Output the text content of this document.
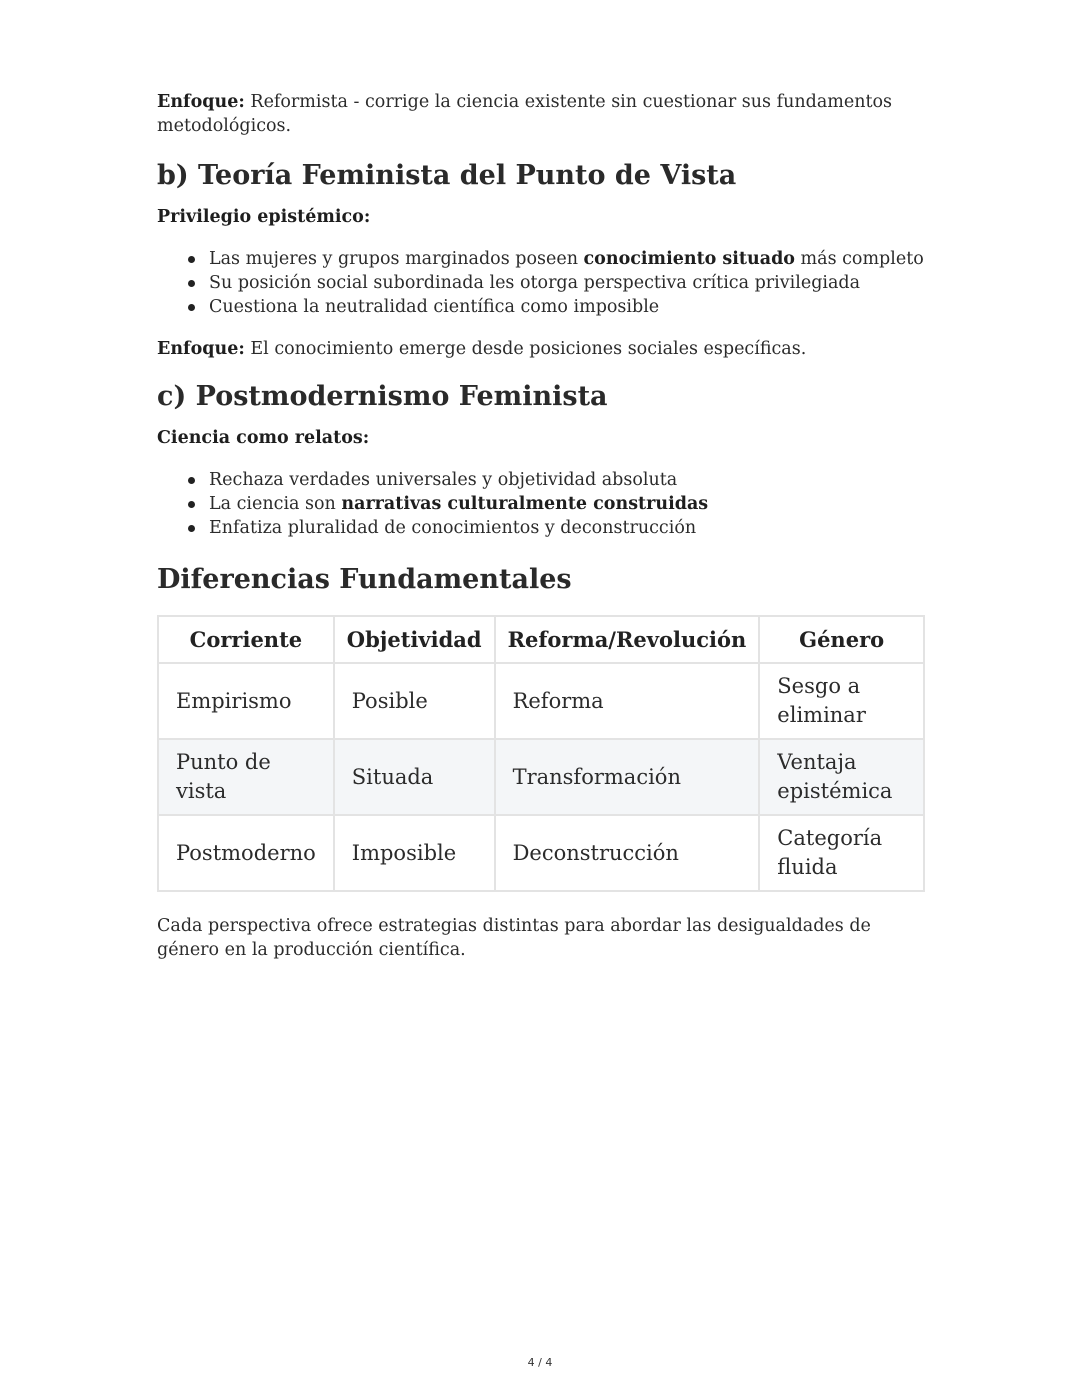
Enfoque: Reformista - corrige la ciencia existente sin cuestionar sus fundamentos metodológicos.

b) Teoría Feminista del Punto de Vista

Privilegio epistémico:

Las mujeres y grupos marginados poseen conocimiento situado más completo
Su posición social subordinada les otorga perspectiva crítica privilegiada
Cuestiona la neutralidad científica como imposible

Enfoque: El conocimiento emerge desde posiciones sociales específicas.

c) Postmodernismo Feminista

Ciencia como relatos:

Rechaza verdades universales y objetividad absoluta
La ciencia son narrativas culturalmente construidas
Enfatiza pluralidad de conocimientos y deconstrucción
Diferencias Fundamentales
Corriente	Objetividad	Reforma/Revolución	Género
Empirismo	Posible	Reforma	Sesgo a eliminar
Punto de vista	Situada	Transformación	Ventaja epistémica
Postmoderno	Imposible	Deconstrucción	Categoría fluida

Cada perspectiva ofrece estrategias distintas para abordar las desigualdades de género en la producción científica.

4 / 4
